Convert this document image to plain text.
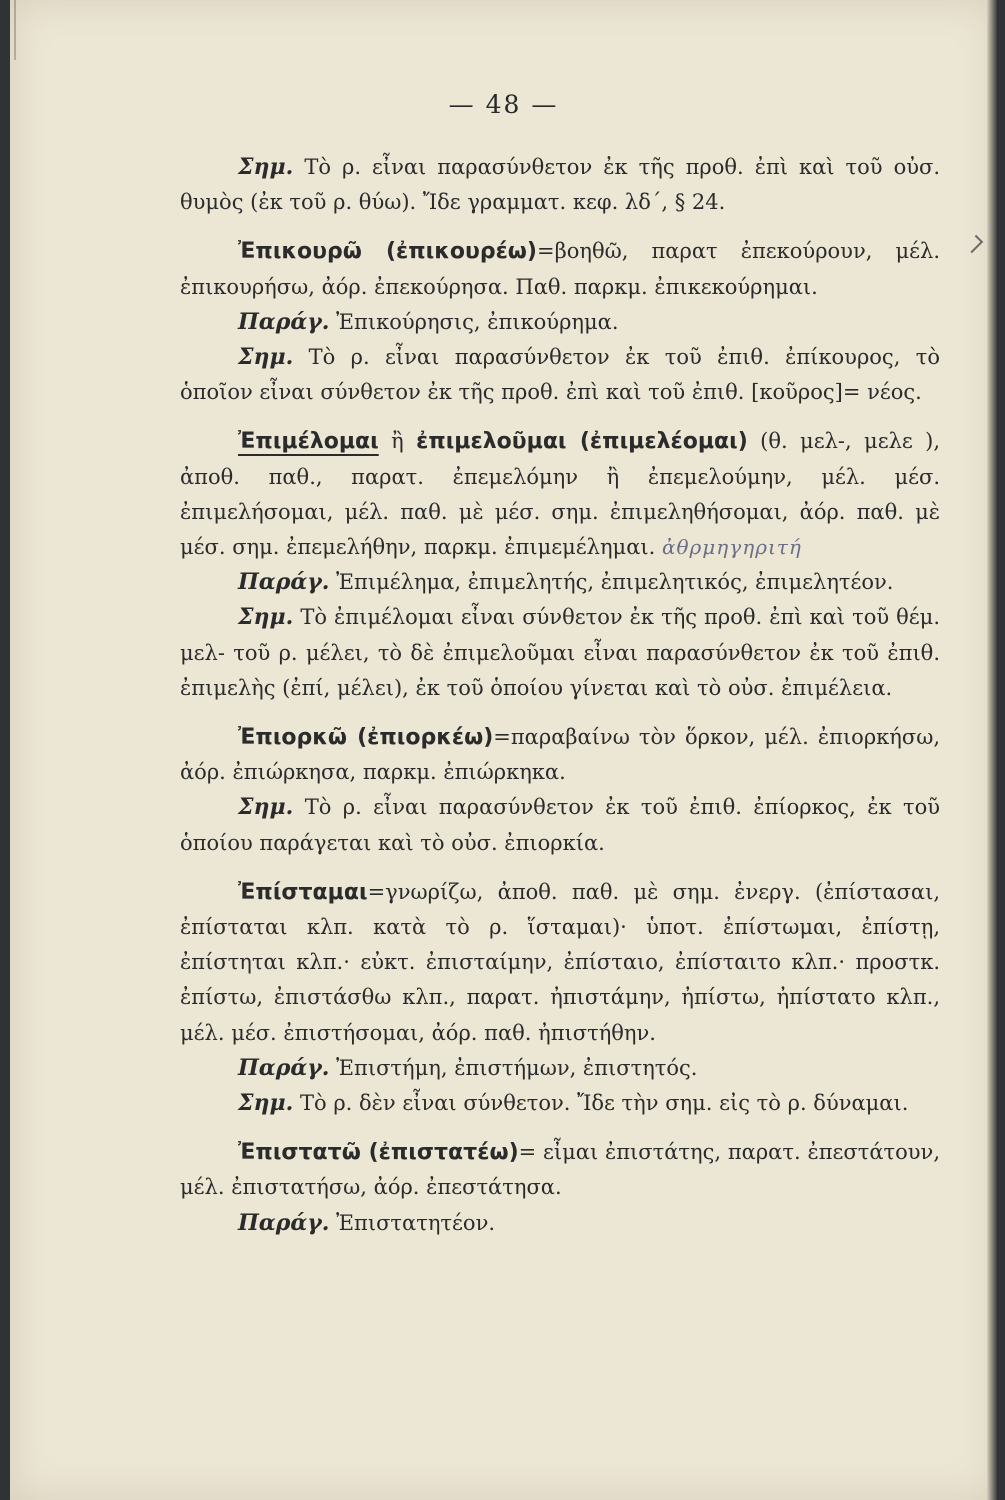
— 48 —

Σημ. Τὸ ρ. εἶναι παρασύνθετον ἐκ τῆς προθ. ἐπὶ καὶ τοῦ οὐσ. θυμὸς (ἐκ τοῦ ρ. θύω). Ἴδε γραμματ. κεφ. λδ΄, § 24.

Ἐπικουρῶ (ἐπικουρέω)=βοηθῶ, παρατ ἐπεκούρουν, μέλ. ἐπικουρήσω, ἀόρ. ἐπεκούρησα. Παθ. παρκμ. ἐπικεκούρημαι.

Παράγ. Ἐπικούρησις, ἐπικούρημα.

Σημ. Τὸ ρ. εἶναι παρασύνθετον ἐκ τοῦ ἐπιθ. ἐπίκουρος, τὸ ὁποῖον εἶναι σύνθετον ἐκ τῆς προθ. ἐπὶ καὶ τοῦ ἐπιθ. [κοῦρος]= νέος.

Ἐπιμέλομαι ἢ ἐπιμελοῦμαι (ἐπιμελέομαι) (θ. μελ-, μελε ), ἀποθ. παθ., παρατ. ἐπεμελόμην ἢ ἐπεμελούμην, μέλ. μέσ. ἐπιμελήσομαι, μέλ. παθ. μὲ μέσ. σημ. ἐπιμεληθήσομαι, ἀόρ. παθ. μὲ μέσ. σημ. ἐπεμελήθην, παρκμ. ἐπιμεμέλημαι. ἀθρμηγηριτή

Παράγ. Ἐπιμέλημα, ἐπιμελητής, ἐπιμελητικός, ἐπιμελητέον.

Σημ. Τὸ ἐπιμέλομαι εἶναι σύνθετον ἐκ τῆς προθ. ἐπὶ καὶ τοῦ θέμ. μελ- τοῦ ρ. μέλει, τὸ δὲ ἐπιμελοῦμαι εἶναι παρασύνθετον ἐκ τοῦ ἐπιθ. ἐπιμελὴς (ἐπί, μέλει), ἐκ τοῦ ὁποίου γίνεται καὶ τὸ οὐσ. ἐπιμέλεια.

Ἐπιορκῶ (ἐπιορκέω)=παραβαίνω τὸν ὅρκον, μέλ. ἐπιορκήσω, ἀόρ. ἐπιώρκησα, παρκμ. ἐπιώρκηκα.

Σημ. Τὸ ρ. εἶναι παρασύνθετον ἐκ τοῦ ἐπιθ. ἐπίορκος, ἐκ τοῦ ὁποίου παράγεται καὶ τὸ οὐσ. ἐπιορκία.

Ἐπίσταμαι=γνωρίζω, ἀποθ. παθ. μὲ σημ. ἐνεργ. (ἐπίστασαι, ἐπίσταται κλπ. κατὰ τὸ ρ. ἵσταμαι)· ὑποτ. ἐπίστωμαι, ἐπίστῃ, ἐπίστηται κλπ.· εὐκτ. ἐπισταίμην, ἐπίσταιο, ἐπίσταιτο κλπ.· προστκ. ἐπίστω, ἐπιστάσθω κλπ., παρατ. ἠπιστάμην, ἠπίστω, ἠπίστατο κλπ., μέλ. μέσ. ἐπιστήσομαι, ἀόρ. παθ. ἠπιστήθην.

Παράγ. Ἐπιστήμη, ἐπιστήμων, ἐπιστητός.

Σημ. Τὸ ρ. δὲν εἶναι σύνθετον. Ἴδε τὴν σημ. εἰς τὸ ρ. δύναμαι.

Ἐπιστατῶ (ἐπιστατέω)= εἶμαι ἐπιστάτης, παρατ. ἐπεστάτουν, μέλ. ἐπιστατήσω, ἀόρ. ἐπεστάτησα.

Παράγ. Ἐπιστατητέον.
